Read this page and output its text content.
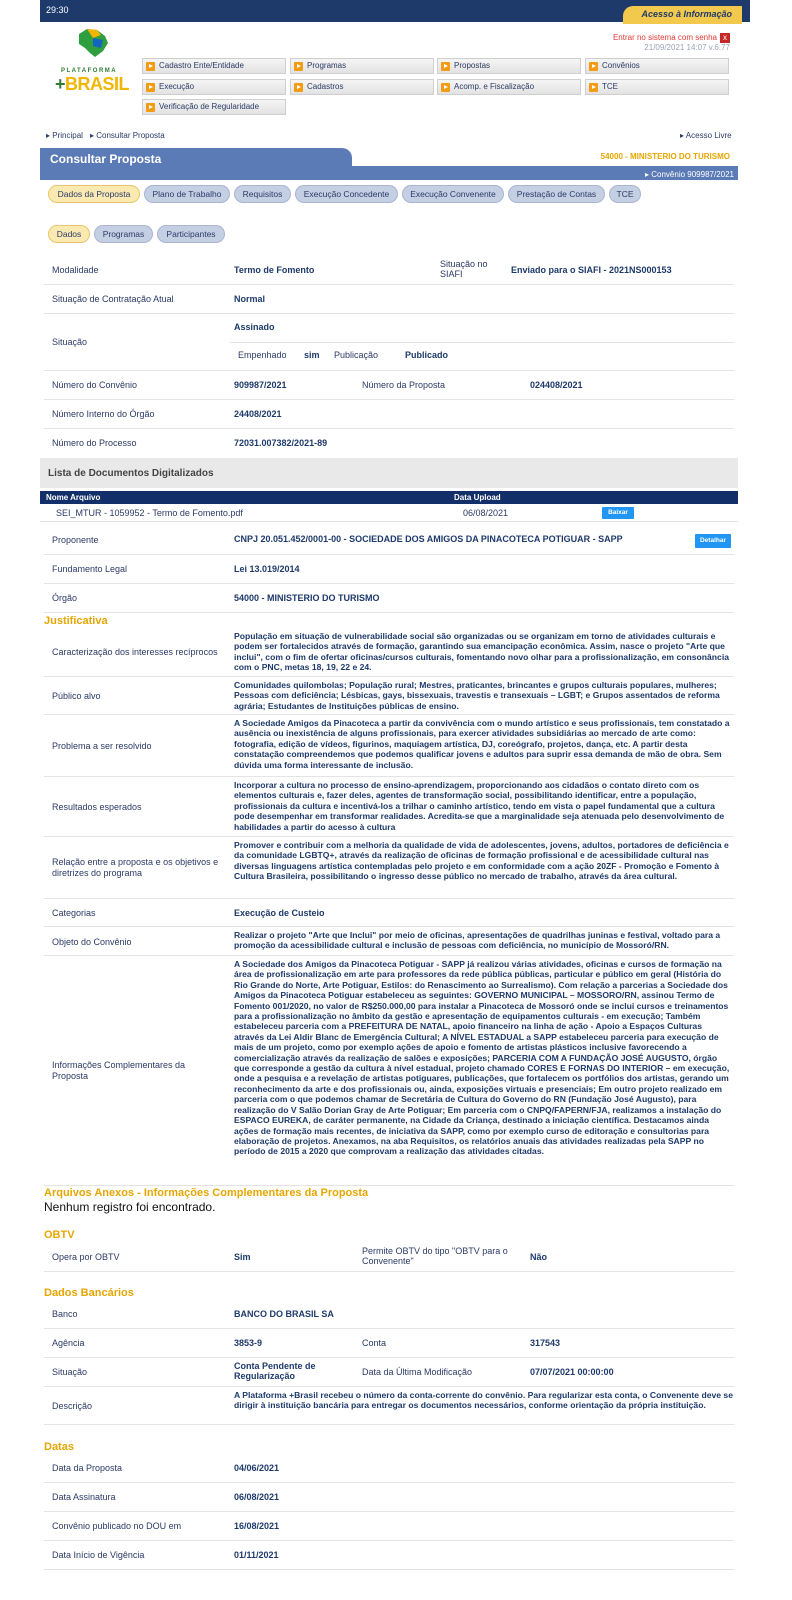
29:30	Acesso à Informação
PLATAFORMA
+BRASIL
Entrar no sistema com senha x
21/09/2021 14:07 v.6.77
Cadastro Ente/Entidade	Programas	Propostas	Convênios
Execução	Cadastros	Acomp. e Fiscalização	TCE
Verificação de Regularidade
▸ Principal ▸ Consultar Proposta	▸ Acesso Livre
Consultar Proposta	54000 - MINISTERIO DO TURISMO
▸ Convênio 909987/2021
Dados da Proposta	Plano de Trabalho	Requisitos	Execução Concedente	Execução Convenente	Prestação de Contas	TCE
Dados	Programas	Participantes
Modalidade	Termo de Fomento
Situação no SIAFI	Enviado para o SIAFI - 2021NS000153
Situação de Contratação Atual	Normal
Situação
Assinado
Empenhado sim Publicação	Publicado
Número do Convênio	909987/2021	Número da Proposta	024408/2021
Número Interno do Órgão	24408/2021
Número do Processo	72031.007382/2021-89
Lista de Documentos Digitalizados
Nome Arquivo	Data Upload
SEI_MTUR - 1059952 - Termo de Fomento.pdf	06/08/2021	Baixar
Proponente	CNPJ 20.051.452/0001-00 - SOCIEDADE DOS AMIGOS DA PINACOTECA POTIGUAR - SAPP	Detalhar
Fundamento Legal	Lei 13.019/2014
Órgão	54000 - MINISTERIO DO TURISMO
Justificativa
Caracterização dos interesses recíprocos
População em situação de vulnerabilidade social são organizadas ou se organizam em torno de atividades culturais e podem ser fortalecidos através de formação, garantindo sua emancipação econômica. Assim, nasce o projeto "Arte que inclui", com o fim de ofertar oficinas/cursos culturais, fomentando novo olhar para a profissionalização, em consonância com o PNC, metas 18, 19, 22 e 24.
Público alvo
Comunidades quilombolas; População rural; Mestres, praticantes, brincantes e grupos culturais populares, mulheres; Pessoas com deficiência; Lésbicas, gays, bissexuais, travestis e transexuais – LGBT; e Grupos assentados de reforma agrária; Estudantes de Instituições públicas de ensino.
Problema a ser resolvido
A Sociedade Amigos da Pinacoteca a partir da convivência com o mundo artístico e seus profissionais, tem constatado a ausência ou inexistência de alguns profissionais, para exercer atividades subsidiárias ao mercado de arte como: fotografia, edição de vídeos, figurinos, maquiagem artística, DJ, coreógrafo, projetos, dança, etc. A partir desta constatação compreendemos que podemos qualificar jovens e adultos para suprir essa demanda de mão de obra. Sem dúvida uma forma interessante de inclusão.
Resultados esperados
Incorporar a cultura no processo de ensino-aprendizagem, proporcionando aos cidadãos o contato direto com os elementos culturais e, fazer deles, agentes de transformação social, possibilitando identificar, entre a população, profissionais da cultura e incentivá-los a trilhar o caminho artístico, tendo em vista o papel fundamental que a cultura pode desempenhar em transformar realidades. Acredita-se que a marginalidade seja atenuada pelo desenvolvimento de habilidades a partir do acesso à cultura
Relação entre a proposta e os objetivos e diretrizes do programa
Promover e contribuir com a melhoria da qualidade de vida de adolescentes, jovens, adultos, portadores de deficiência e da comunidade LGBTQ+, através da realização de oficinas de formação profissional e de acessibilidade cultural nas diversas linguagens artística contempladas pelo projeto e em conformidade com a ação 20ZF - Promoção e Fomento à Cultura Brasileira, possibilitando o ingresso desse público no mercado de trabalho, através da área cultural.
Categorias	Execução de Custeio
Objeto do Convênio
Realizar o projeto "Arte que Inclui" por meio de oficinas, apresentações de quadrilhas juninas e festival, voltado para a promoção da acessibilidade cultural e inclusão de pessoas com deficiência, no município de Mossoró/RN.
Informações Complementares da Proposta
A Sociedade dos Amigos da Pinacoteca Potiguar - SAPP já realizou várias atividades, oficinas e cursos de formação na área de profissionalização em arte para professores da rede pública públicas, particular e público em geral (História do Rio Grande do Norte, Arte Potiguar, Estilos: do Renascimento ao Surrealismo). Com relação a parcerias a Sociedade dos Amigos da Pinacoteca Potiguar estabeleceu as seguintes: GOVERNO MUNICIPAL – MOSSORO/RN, assinou Termo de Fomento 001/2020, no valor de R$250.000,00 para instalar a Pinacoteca de Mossoró onde se inclui cursos e treinamentos para a profissionalização no âmbito da gestão e apresentação de equipamentos culturais - em execução; Também estabeleceu parceria com a PREFEITURA DE NATAL, apoio financeiro na linha de ação - Apoio a Espaços Culturas através da Lei Aldir Blanc de Emergência Cultural; A NÍVEL ESTADUAL a SAPP estabeleceu parceria para execução de mais de um projeto, como por exemplo ações de apoio e fomento de artistas plásticos inclusive favorecendo a comercialização através da realização de salões e exposições; PARCERIA COM A FUNDAÇÃO JOSÉ AUGUSTO, órgão que corresponde a gestão da cultura à nível estadual, projeto chamado CORES E FORNAS DO INTERIOR – em execução, onde a pesquisa e a revelação de artistas potiguares, publicações, que fortalecem os portfólios dos artistas, gerando um reconhecimento da arte e dos profissionais ou, ainda, exposições virtuais e presenciais; Em outro projeto realizado em parceria com o que podemos chamar de Secretária de Cultura do Governo do RN (Fundação José Augusto), para realização do V Salão Dorian Gray de Arte Potiguar; Em parceria com o CNPQ/FAPERN/FJA, realizamos a instalação do ESPACO EUREKA, de caráter permanente, na Cidade da Criança, destinado a iniciação científica. Destacamos ainda ações de formação mais recentes, de iniciativa da SAPP, como por exemplo curso de editoração e consultorias para elaboração de projetos. Anexamos, na aba Requisitos, os relatórios anuais das atividades realizadas pela SAPP no período de 2015 a 2020 que comprovam a realização das atividades citadas.
Arquivos Anexos - Informações Complementares da Proposta
Nenhum registro foi encontrado.
OBTV
Opera por OBTV	Sim
Permite OBTV do tipo "OBTV para o Convenente"	Não
Dados Bancários
Banco	BANCO DO BRASIL SA
Agência	3853-9	Conta	317543
Situação
Conta Pendente de Regularização	Data da Última Modificação	07/07/2021 00:00:00
Descrição
A Plataforma +Brasil recebeu o número da conta-corrente do convênio. Para regularizar esta conta, o Convenente deve se dirigir à instituição bancária para entregar os documentos necessários, conforme orientação da própria instituição.
Datas
Data da Proposta	04/06/2021
Data Assinatura	06/08/2021
Convênio publicado no DOU em	16/08/2021
Data Início de Vigência	01/11/2021
